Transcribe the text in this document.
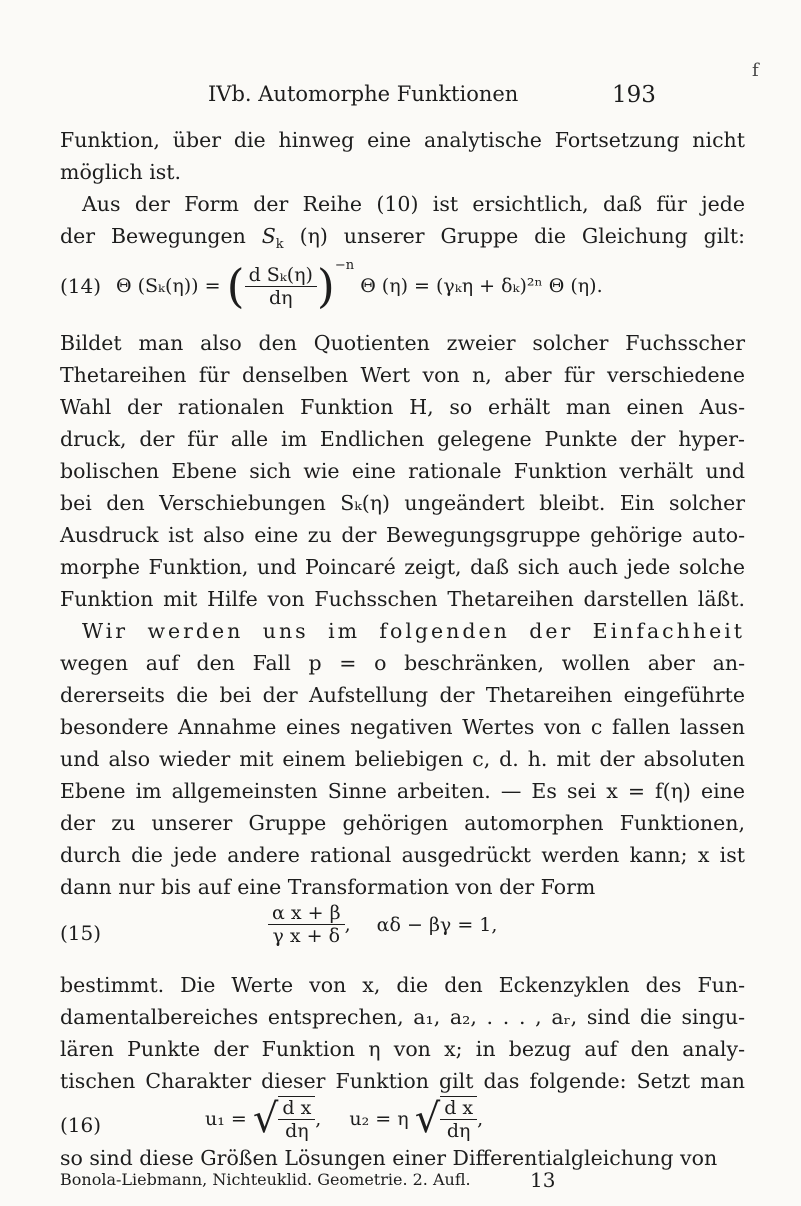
IVb. Automorphe Funktionen	193
f
Funktion, über die hinweg eine analytische Fortsetzung nicht
möglich ist.
Aus der Form der Reihe (10) ist ersichtlich, daß für jede
der Bewegungen $S_k$ (η) unserer Gruppe die Gleichung gilt:
(14) Θ (Sₖ(η)) = ( $\frac{\text{d Sₖ(η)}}{d\eta} )^{-n}$ Θ (η) = (γₖη + δₖ)²ⁿ Θ (η).
Bildet man also den Quotienten zweier solcher Fuchsscher
Thetareihen für denselben Wert von n, aber für verschiedene
Wahl der rationalen Funktion H, so erhält man einen Aus-
druck, der für alle im Endlichen gelegene Punkte der hyper-
bolischen Ebene sich wie eine rationale Funktion verhält und
bei den Verschiebungen Sₖ(η) ungeändert bleibt. Ein solcher
Ausdruck ist also eine zu der Bewegungsgruppe gehörige auto-
morphe Funktion, und Poincaré zeigt, daß sich auch jede solche
Funktion mit Hilfe von Fuchsschen Thetareihen darstellen läßt.
Wir werden uns im folgenden der Einfachheit
wegen auf den Fall p = o beschränken, wollen aber an-
dererseits die bei der Aufstellung der Thetareihen eingeführte
besondere Annahme eines negativen Wertes von c fallen lassen
und also wieder mit einem beliebigen c, d. h. mit der absoluten
Ebene im allgemeinsten Sinne arbeiten. — Es sei x = f(η) eine
der zu unserer Gruppe gehörigen automorphen Funktionen,
durch die jede andere rational ausgedrückt werden kann; x ist
dann nur bis auf eine Transformation von der Form
(15)	$\frac{\text{α x + β}}{\text{γ x + δ}}$ , αδ − βγ = 1,
bestimmt. Die Werte von x, die den Eckenzyklen des Fun-
damentalbereiches entsprechen, a₁, a₂, . . . , aᵣ, sind die singu-
lären Punkte der Funktion η von x; in bezug auf den analy-
tischen Charakter dieser Funktion gilt das folgende: Setzt man
(16)	u₁ = √ $\frac{\text{d x}}{d\eta}$ , u₂ = η √ $\frac{\text{d x}}{d\eta}$ ,
so sind diese Größen Lösungen einer Differentialgleichung von
Bonola-Liebmann, Nichteuklid. Geometrie. 2. Aufl.	13
